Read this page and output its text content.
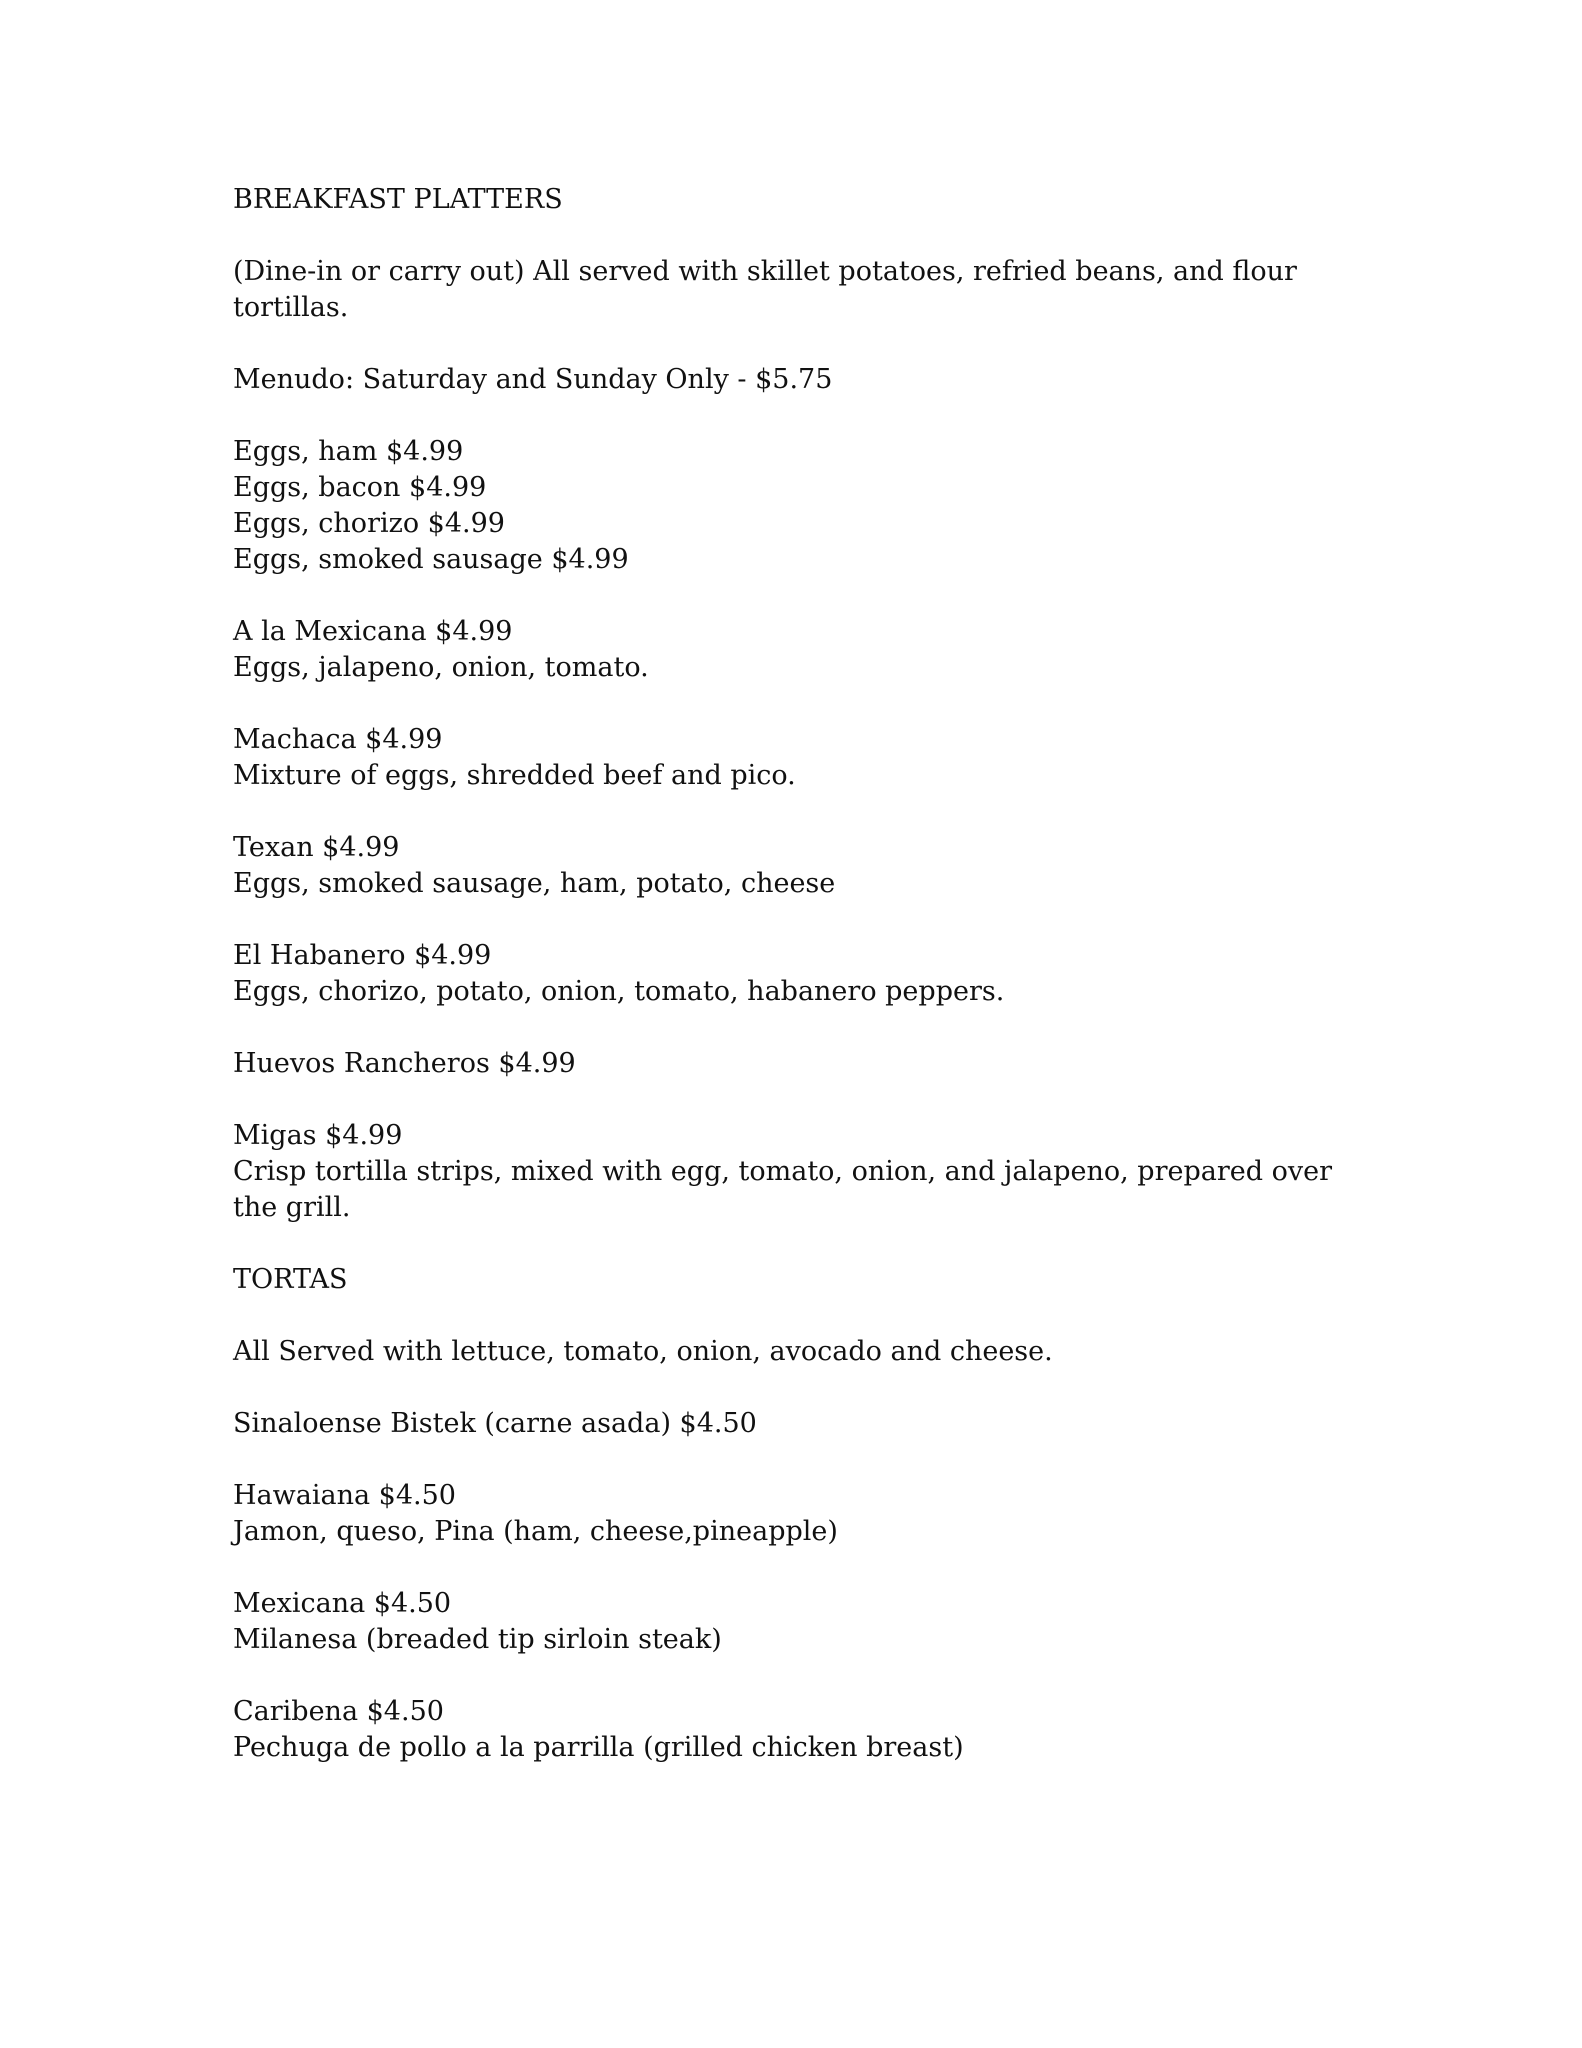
BREAKFAST PLATTERS
(Dine-in or carry out) All served with skillet potatoes, refried beans, and flour tortillas.
Menudo: Saturday and Sunday Only - $5.75
Eggs, ham $4.99
Eggs, bacon $4.99
Eggs, chorizo $4.99
Eggs, smoked sausage $4.99
A la Mexicana $4.99
Eggs, jalapeno, onion, tomato.
Machaca $4.99
Mixture of eggs, shredded beef and pico.
Texan $4.99
Eggs, smoked sausage, ham, potato, cheese
El Habanero $4.99
Eggs, chorizo, potato, onion, tomato, habanero peppers.
Huevos Rancheros $4.99
Migas $4.99
Crisp tortilla strips, mixed with egg, tomato, onion, and jalapeno, prepared over the grill.
TORTAS
All Served with lettuce, tomato, onion, avocado and cheese.
Sinaloense Bistek (carne asada) $4.50
Hawaiana $4.50
Jamon, queso, Pina (ham, cheese,pineapple)
Mexicana $4.50
Milanesa (breaded tip sirloin steak)
Caribena $4.50
Pechuga de pollo a la parrilla (grilled chicken breast)
